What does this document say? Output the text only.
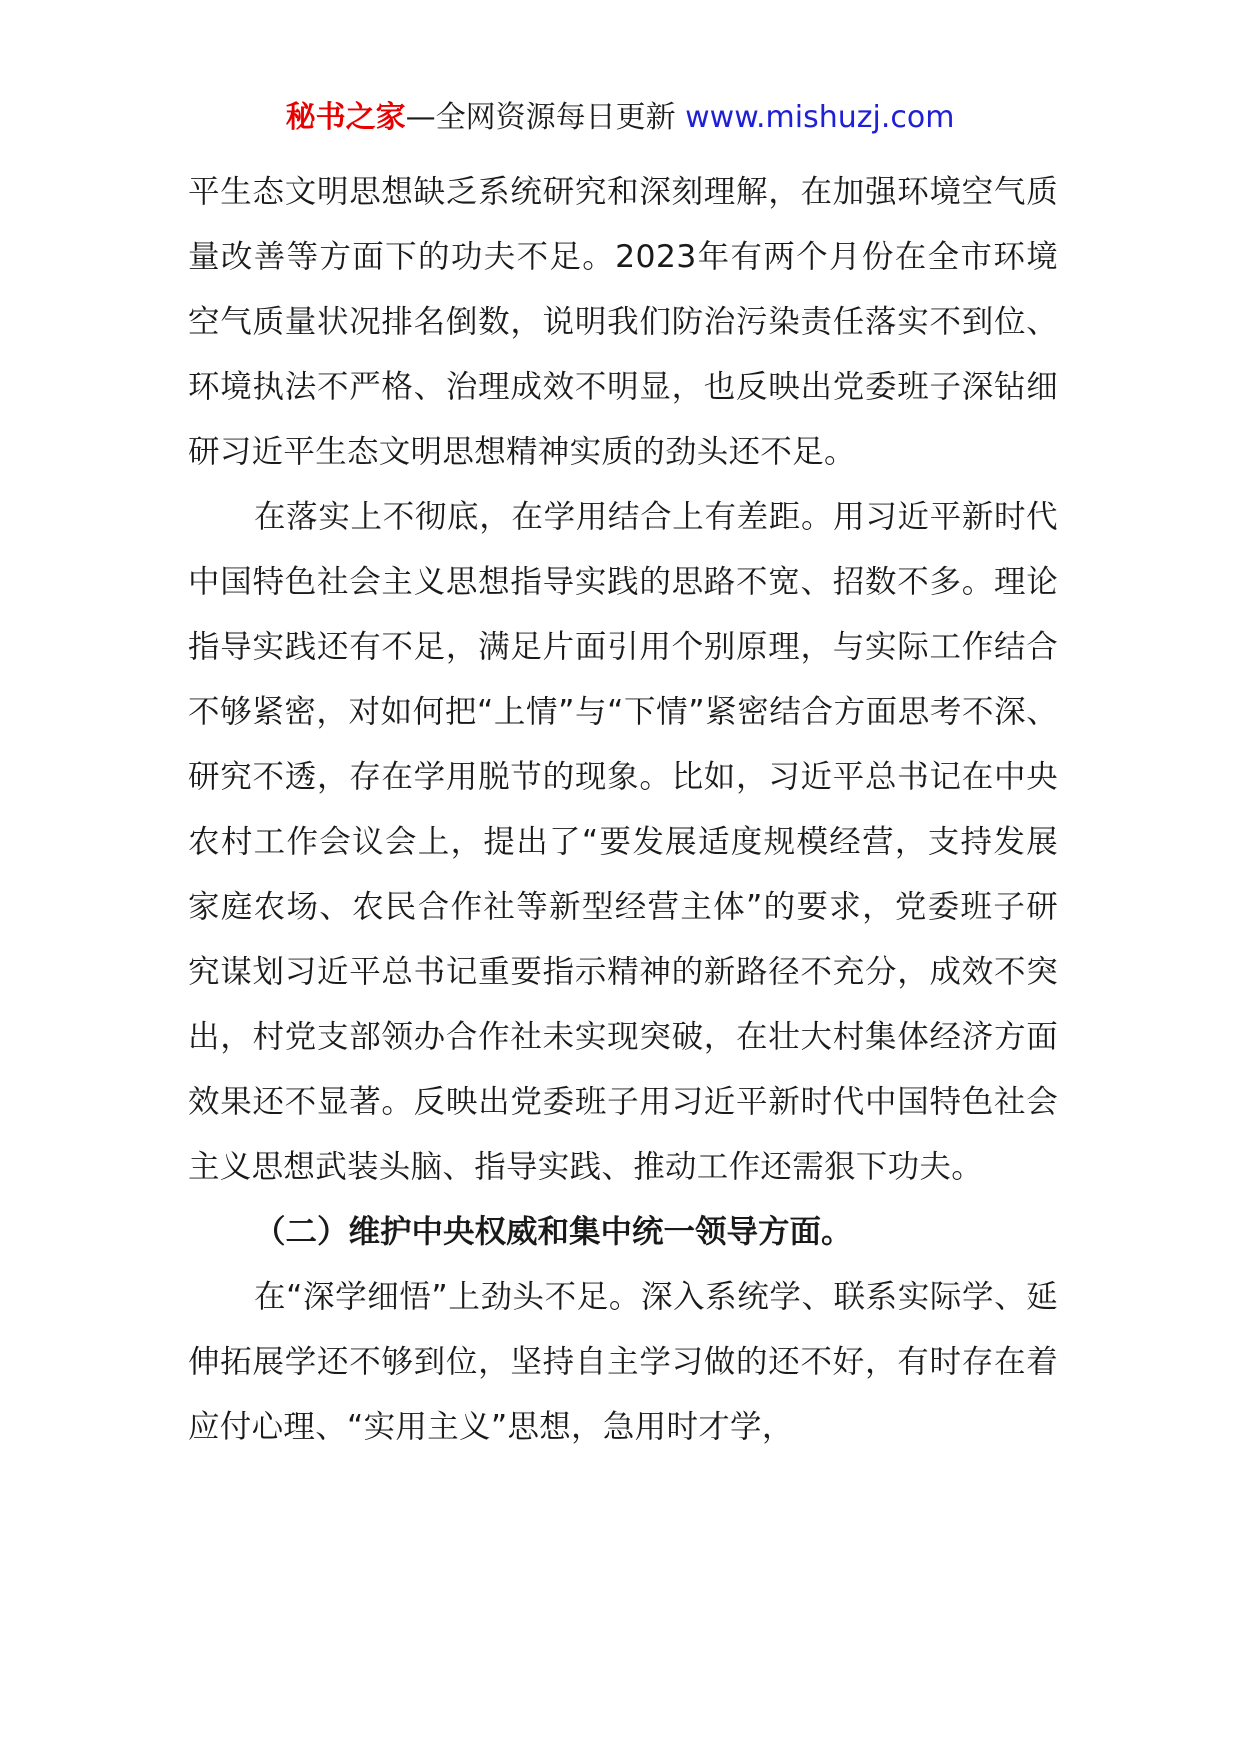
秘书之家—全网资源每日更新 www.mishuzj.com

平生态文明思想缺乏系统研究和深刻理解，在加强环境空气质量改善等方面下的功夫不足。2023年有两个月份在全市环境空气质量状况排名倒数，说明我们防治污染责任落实不到位、环境执法不严格、治理成效不明显，也反映出党委班子深钻细研习近平生态文明思想精神实质的劲头还不足。

在落实上不彻底，在学用结合上有差距。用习近平新时代中国特色社会主义思想指导实践的思路不宽、招数不多。理论指导实践还有不足，满足片面引用个别原理，与实际工作结合不够紧密，对如何把“上情”与“下情”紧密结合方面思考不深、研究不透，存在学用脱节的现象。比如，习近平总书记在中央农村工作会议会上，提出了“要发展适度规模经营，支持发展家庭农场、农民合作社等新型经营主体”的要求，党委班子研究谋划习近平总书记重要指示精神的新路径不充分，成效不突出，村党支部领办合作社未实现突破，在壮大村集体经济方面效果还不显著。反映出党委班子用习近平新时代中国特色社会主义思想武装头脑、指导实践、推动工作还需狠下功夫。

（二）维护中央权威和集中统一领导方面。

在“深学细悟”上劲头不足。深入系统学、联系实际学、延伸拓展学还不够到位，坚持自主学习做的还不好，有时存在着应付心理、“实用主义”思想，急用时才学，
